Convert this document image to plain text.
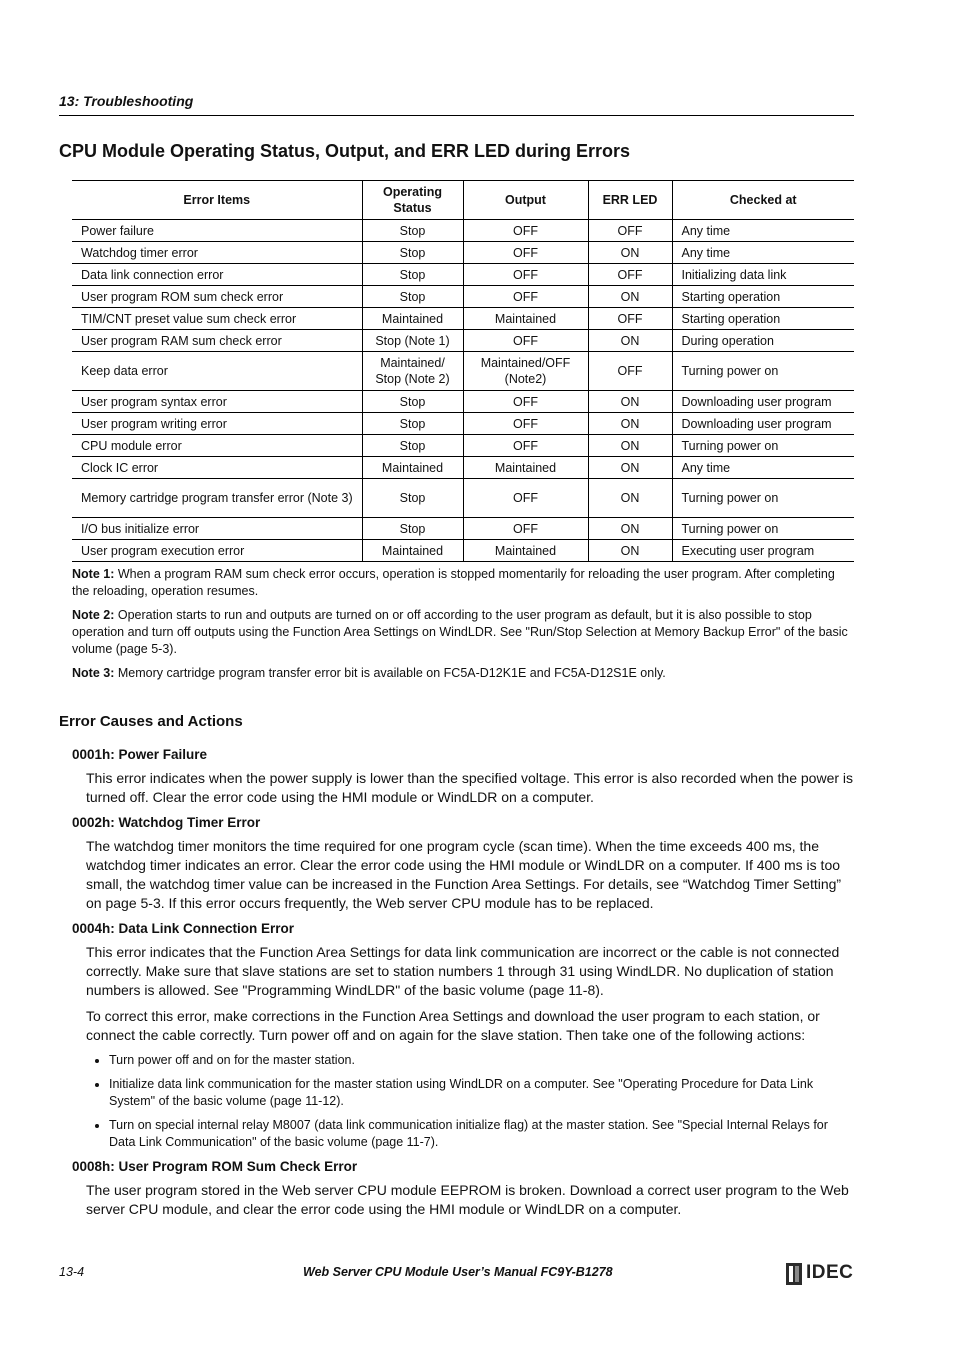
13: Troubleshooting
CPU Module Operating Status, Output, and ERR LED during Errors
Error Items	Operating Status	Output	ERR LED	Checked at
Power failure	Stop	OFF	OFF	Any time
Watchdog timer error	Stop	OFF	ON	Any time
Data link connection error	Stop	OFF	OFF	Initializing data link
User program ROM sum check error	Stop	OFF	ON	Starting operation
TIM/CNT preset value sum check error	Maintained	Maintained	OFF	Starting operation
User program RAM sum check error	Stop (Note 1)	OFF	ON	During operation
Keep data error	Maintained/ Stop (Note 2)	Maintained/OFF (Note2)	OFF	Turning power on
User program syntax error	Stop	OFF	ON	Downloading user program
User program writing error	Stop	OFF	ON	Downloading user program
CPU module error	Stop	OFF	ON	Turning power on
Clock IC error	Maintained	Maintained	ON	Any time
Memory cartridge program transfer error (Note 3)	Stop	OFF	ON	Turning power on
I/O bus initialize error	Stop	OFF	ON	Turning power on
User program execution error	Maintained	Maintained	ON	Executing user program

Note 1: When a program RAM sum check error occurs, operation is stopped momentarily for reloading the user program. After completing the reloading, operation resumes.

Note 2: Operation starts to run and outputs are turned on or off according to the user program as default, but it is also possible to stop operation and turn off outputs using the Function Area Settings on WindLDR. See "Run/Stop Selection at Memory Backup Error" of the basic volume (page 5-3).

Note 3: Memory cartridge program transfer error bit is available on FC5A-D12K1E and FC5A-D12S1E only.

Error Causes and Actions
0001h: Power Failure

This error indicates when the power supply is lower than the specified voltage. This error is also recorded when the power is turned off. Clear the error code using the HMI module or WindLDR on a computer.

0002h: Watchdog Timer Error

The watchdog timer monitors the time required for one program cycle (scan time). When the time exceeds 400 ms, the watchdog timer indicates an error. Clear the error code using the HMI module or WindLDR on a computer. If 400 ms is too small, the watchdog timer value can be increased in the Function Area Settings. For details, see “Watchdog Timer Setting” on page 5-3. If this error occurs frequently, the Web server CPU module has to be replaced.

0004h: Data Link Connection Error

This error indicates that the Function Area Settings for data link communication are incorrect or the cable is not connected correctly. Make sure that slave stations are set to station numbers 1 through 31 using WindLDR. No duplication of station numbers is allowed. See "Programming WindLDR" of the basic volume (page 11-8).

To correct this error, make corrections in the Function Area Settings and download the user program to each station, or connect the cable correctly. Turn power off and on again for the slave station. Then take one of the following actions:

• Turn power off and on for the master station.
• Initialize data link communication for the master station using WindLDR on a computer. See "Operating Procedure for Data Link System" of the basic volume (page 11-12).
• Turn on special internal relay M8007 (data link communication initialize flag) at the master station. See "Special Internal Relays for Data Link Communication" of the basic volume (page 11-7).
0008h: User Program ROM Sum Check Error

The user program stored in the Web server CPU module EEPROM is broken. Download a correct user program to the Web server CPU module, and clear the error code using the HMI module or WindLDR on a computer.

13-4	Web Server CPU Module User’s Manual FC9Y-B1278	IDEC
